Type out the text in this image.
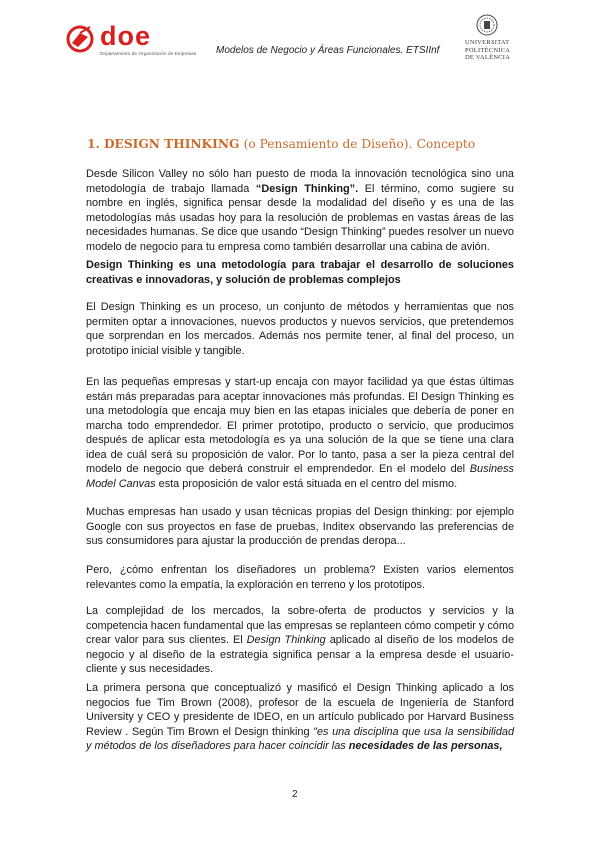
doe
Departamento de Organización de Empresas Modelos de Negocio y Áreas Funcionales. ETSIInf
UNIVERSITAT
POLITÈCNICA
DE VALÈNCIA
1. DESIGN THINKING (o Pensamiento de Diseño). Concepto
Desde Silicon Valley no sólo han puesto de moda la innovación tecnológica sino una metodología de trabajo llamada “Design Thinking”. El término, como sugiere su nombre en inglés, significa pensar desde la modalidad del diseño y es una de las metodologías más usadas hoy para la resolución de problemas en vastas áreas de las necesidades humanas. Se dice que usando “Design Thinking” puedes resolver un nuevo modelo de negocio para tu empresa como también desarrollar una cabina de avión.
Design Thinking es una metodología para trabajar el desarrollo de soluciones creativas e innovadoras, y solución de problemas complejos
El Design Thinking es un proceso, un conjunto de métodos y herramientas que nos permiten optar a innovaciones, nuevos productos y nuevos servicios, que pretendemos que sorprendan en los mercados. Además nos permite tener, al final del proceso, un prototipo inicial visible y tangible.
En las pequeñas empresas y start-up encaja con mayor facilidad ya que éstas últimas están más preparadas para aceptar innovaciones más profundas. El Design Thinking es una metodología que encaja muy bien en las etapas iniciales que debería de poner en marcha todo emprendedor. El primer prototipo, producto o servicio, que producimos después de aplicar esta metodología es ya una solución de la que se tiene una clara idea de cuál será su proposición de valor. Por lo tanto, pasa a ser la pieza central del modelo de negocio que deberá construir el emprendedor. En el modelo del Business Model Canvas esta proposición de valor está situada en el centro del mismo.
Muchas empresas han usado y usan técnicas propias del Design thinking: por ejemplo Google con sus proyectos en fase de pruebas, Inditex observando las preferencias de sus consumidores para ajustar la producción de prendas deropa...
Pero, ¿cómo enfrentan los diseñadores un problema? Existen varios elementos relevantes como la empatía, la exploración en terreno y los prototipos.
La complejidad de los mercados, la sobre-oferta de productos y servicios y la competencia hacen fundamental que las empresas se replanteen cómo competir y cómo crear valor para sus clientes. El Design Thinking aplicado al diseño de los modelos de negocio y al diseño de la estrategia significa pensar a la empresa desde el usuario-cliente y sus necesidades.
La primera persona que conceptualizó y masificó el Design Thinking aplicado a los negocios fue Tim Brown (2008), profesor de la escuela de Ingeniería de Stanford University y CEO y presidente de IDEO, en un artículo publicado por Harvard Business Review . Según Tim Brown el Design thinking "es una disciplina que usa la sensibilidad y métodos de los diseñadores para hacer coincidir las necesidades de las personas,
2
